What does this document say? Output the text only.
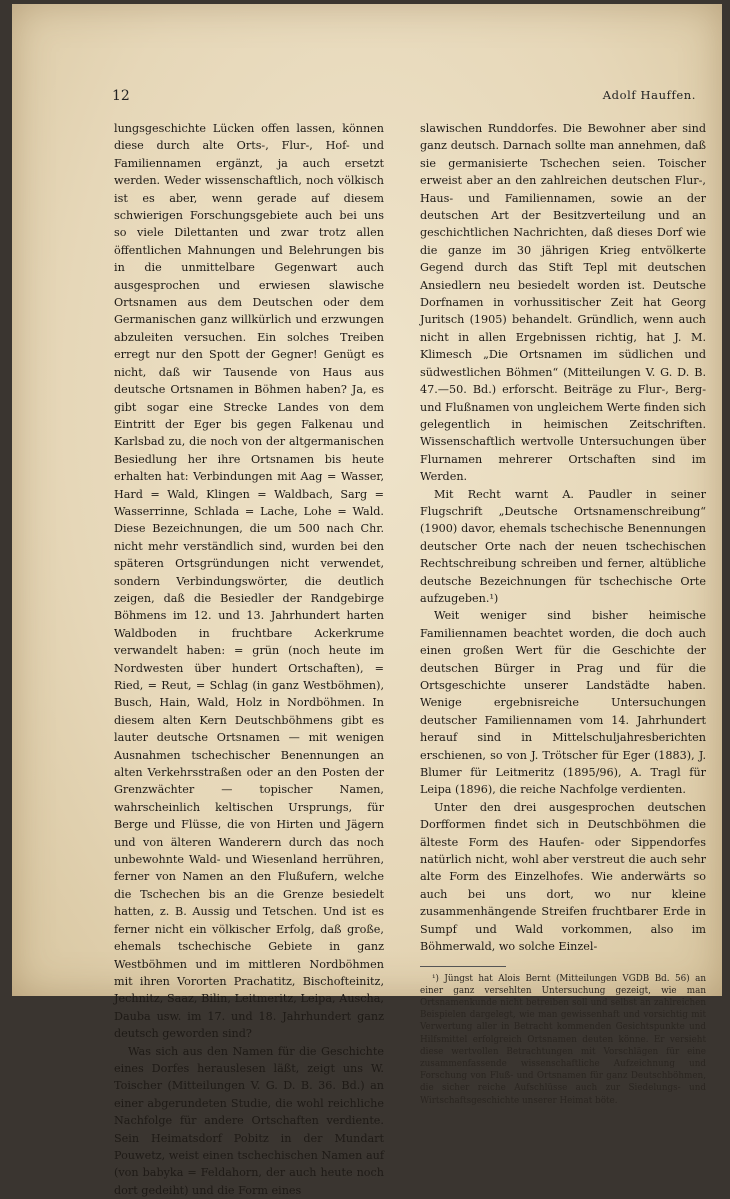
12	Adolf Hauffen.

lungsgeschichte Lücken offen lassen, können diese durch alte Orts-, Flur-, Hof- und Familiennamen ergänzt, ja auch ersetzt werden. Weder wissenschaftlich, noch völkisch ist es aber, wenn gerade auf diesem schwierigen Forschungsgebiete auch bei uns so viele Dilettanten und zwar trotz allen öffentlichen Mahnungen und Belehrungen bis in die unmittelbare Gegenwart auch ausgesprochen und erwiesen slawische Ortsnamen aus dem Deutschen oder dem Germanischen ganz willkürlich und erzwungen abzuleiten versuchen. Ein solches Treiben erregt nur den Spott der Gegner! Genügt es nicht, daß wir Tausende von Haus aus deutsche Ortsnamen in Böhmen haben? Ja, es gibt sogar eine Strecke Landes von dem Eintritt der Eger bis gegen Falkenau und Karlsbad zu, die noch von der altgermanischen Besiedlung her ihre Ortsnamen bis heute erhalten hat: Verbindungen mit Aag = Wasser, Hard = Wald, Klingen = Waldbach, Sarg = Wasserrinne, Schlada = Lache, Lohe = Wald. Diese Bezeichnungen, die um 500 nach Chr. nicht mehr verständlich sind, wurden bei den späteren Ortsgründungen nicht verwendet, sondern Verbindungswörter, die deutlich zeigen, daß die Besiedler der Randgebirge Böhmens im 12. und 13. Jahrhundert harten Waldboden in fruchtbare Ackerkrume verwandelt haben: = grün (noch heute im Nordwesten über hundert Ortschaften), = Ried, = Reut, = Schlag (in ganz Westböhmen), Busch, Hain, Wald, Holz in Nordböhmen. In diesem alten Kern Deutschböhmens gibt es lauter deutsche Ortsnamen — mit wenigen Ausnahmen tschechischer Benennungen an alten Verkehrsstraßen oder an den Posten der Grenzwächter — topischer Namen, wahrscheinlich keltischen Ursprungs, für Berge und Flüsse, die von Hirten und Jägern und von älteren Wanderern durch das noch unbewohnte Wald- und Wiesenland herrühren, ferner von Namen an den Flußufern, welche die Tschechen bis an die Grenze besiedelt hatten, z. B. Aussig und Tetschen. Und ist es ferner nicht ein völkischer Erfolg, daß große, ehemals tschechische Gebiete in ganz Westböhmen und im mittleren Nordböhmen mit ihren Vororten Prachatitz, Bischofteinitz, Jechnitz, Saaz, Bilin, Leitmeritz, Leipa, Auscha, Dauba usw. im 17. und 18. Jahrhundert ganz deutsch geworden sind?

Was sich aus den Namen für die Geschichte eines Dorfes herauslesen läßt, zeigt uns W. Toischer (Mitteilungen V. G. D. B. 36. Bd.) an einer abgerundeten Studie, die wohl reichliche Nachfolge für andere Ortschaften verdiente. Sein Heimatsdorf Pobitz in der Mundart Pouwetz, weist einen tschechischen Namen auf (von babyka = Feldahorn, der auch heute noch dort gedeiht) und die Form eines

slawischen Runddorfes. Die Bewohner aber sind ganz deutsch. Darnach sollte man annehmen, daß sie germanisierte Tschechen seien. Toischer erweist aber an den zahlreichen deutschen Flur-, Haus- und Familiennamen, sowie an der deutschen Art der Besitzverteilung und an geschichtlichen Nachrichten, daß dieses Dorf wie die ganze im 30 jährigen Krieg entvölkerte Gegend durch das Stift Tepl mit deutschen Ansiedlern neu besiedelt worden ist. Deutsche Dorfnamen in vorhussitischer Zeit hat Georg Juritsch (1905) behandelt. Gründlich, wenn auch nicht in allen Ergebnissen richtig, hat J. M. Klimesch „Die Ortsnamen im südlichen und südwestlichen Böhmen“ (Mitteilungen V. G. D. B. 47.—50. Bd.) erforscht. Beiträge zu Flur-, Berg- und Flußnamen von ungleichem Werte finden sich gelegentlich in heimischen Zeitschriften. Wissenschaftlich wertvolle Untersuchungen über Flurnamen mehrerer Ortschaften sind im Werden.

Mit Recht warnt A. Paudler in seiner Flugschrift „Deutsche Ortsnamenschreibung“ (1900) davor, ehemals tschechische Benennungen deutscher Orte nach der neuen tschechischen Rechtschreibung schreiben und ferner, altübliche deutsche Bezeichnungen für tschechische Orte aufzugeben.¹)

Weit weniger sind bisher heimische Familiennamen beachtet worden, die doch auch einen großen Wert für die Geschichte der deutschen Bürger in Prag und für die Ortsgeschichte unserer Landstädte haben. Wenige ergebnisreiche Untersuchungen deutscher Familiennamen vom 14. Jahrhundert herauf sind in Mittelschuljahresberichten erschienen, so von J. Trötscher für Eger (1883), J. Blumer für Leitmeritz (1895/96), A. Tragl für Leipa (1896), die reiche Nachfolge verdienten.

Unter den drei ausgesprochen deutschen Dorfformen findet sich in Deutschböhmen die älteste Form des Haufen- oder Sippendorfes natürlich nicht, wohl aber verstreut die auch sehr alte Form des Einzelhofes. Wie anderwärts so auch bei uns dort, wo nur kleine zusammenhängende Streifen fruchtbarer Erde in Sumpf und Wald vorkommen, also im Böhmerwald, wo solche Einzel-

¹) Jüngst hat Alois Bernt (Mitteilungen VGDB Bd. 56) an einer ganz versehlten Untersuchung gezeigt, wie man Ortsnamenkunde nicht betreiben soll und selbst an zahlreichen Beispielen dargelegt, wie man gewissenhaft und vorsichtig mit Verwertung aller in Betracht kommenden Gesichtspunkte und Hilfsmittel erfolgreich Ortsnamen deuten könne. Er versieht diese wertvollen Betrachtungen mit Vorschlägen für eine zusammenfassende wissenschaftliche Aufzeichnung und Forschung von Fluß- und Ortsnamen für ganz Deutschböhmen, die sicher reiche Aufschlüsse auch zur Siedelungs- und Wirtschaftsgeschichte unserer Heimat böte.
